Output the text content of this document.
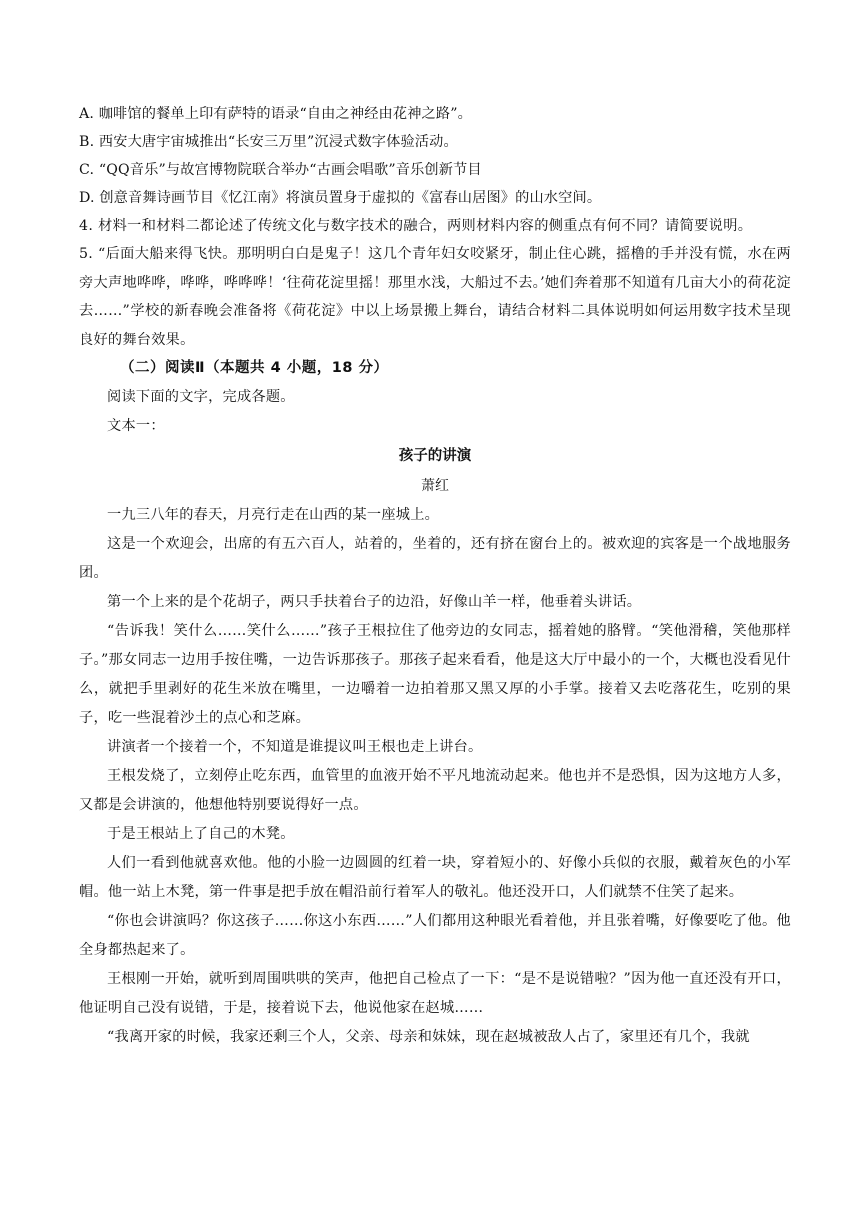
A. 咖啡馆的餐单上印有萨特的语录“自由之神经由花神之路”。

B. 西安大唐宇宙城推出“长安三万里”沉浸式数字体验活动。

C. “QQ音乐”与故宫博物院联合举办“古画会唱歌”音乐创新节目

D. 创意音舞诗画节目《忆江南》将演员置身于虚拟的《富春山居图》的山水空间。

4. 材料一和材料二都论述了传统文化与数字技术的融合，两则材料内容的侧重点有何不同？请简要说明。

5. “后面大船来得飞快。那明明白白是鬼子！这几个青年妇女咬紧牙，制止住心跳，摇橹的手并没有慌，水在两旁大声地哗哗，哗哗，哗哗哗！‘往荷花淀里摇！那里水浅，大船过不去。’她们奔着那不知道有几亩大小的荷花淀去……”学校的新春晚会准备将《荷花淀》中以上场景搬上舞台，请结合材料二具体说明如何运用数字技术呈现良好的舞台效果。

（二）阅读Ⅱ（本题共 4 小题，18 分）

阅读下面的文字，完成各题。

文本一：

孩子的讲演

萧红

一九三八年的春天，月亮行走在山西的某一座城上。

这是一个欢迎会，出席的有五六百人，站着的，坐着的，还有挤在窗台上的。被欢迎的宾客是一个战地服务团。

第一个上来的是个花胡子，两只手扶着台子的边沿，好像山羊一样，他垂着头讲话。

“告诉我！笑什么……笑什么……”孩子王根拉住了他旁边的女同志，摇着她的胳臂。“笑他滑稽，笑他那样子。”那女同志一边用手按住嘴，一边告诉那孩子。那孩子起来看看，他是这大厅中最小的一个，大概也没看见什么，就把手里剥好的花生米放在嘴里，一边嚼着一边拍着那又黑又厚的小手掌。接着又去吃落花生，吃别的果子，吃一些混着沙土的点心和芝麻。

讲演者一个接着一个，不知道是谁提议叫王根也走上讲台。

王根发烧了，立刻停止吃东西，血管里的血液开始不平凡地流动起来。他也并不是恐惧，因为这地方人多，又都是会讲演的，他想他特别要说得好一点。

于是王根站上了自己的木凳。

人们一看到他就喜欢他。他的小脸一边圆圆的红着一块，穿着短小的、好像小兵似的衣服，戴着灰色的小军帽。他一站上木凳，第一件事是把手放在帽沿前行着军人的敬礼。他还没开口，人们就禁不住笑了起来。

“你也会讲演吗？你这孩子……你这小东西……”人们都用这种眼光看着他，并且张着嘴，好像要吃了他。他全身都热起来了。

王根刚一开始，就听到周围哄哄的笑声，他把自己检点了一下：“是不是说错啦？”因为他一直还没有开口，他证明自己没有说错，于是，接着说下去，他说他家在赵城……

“我离开家的时候，我家还剩三个人，父亲、母亲和妹妹，现在赵城被敌人占了，家里还有几个，我就
